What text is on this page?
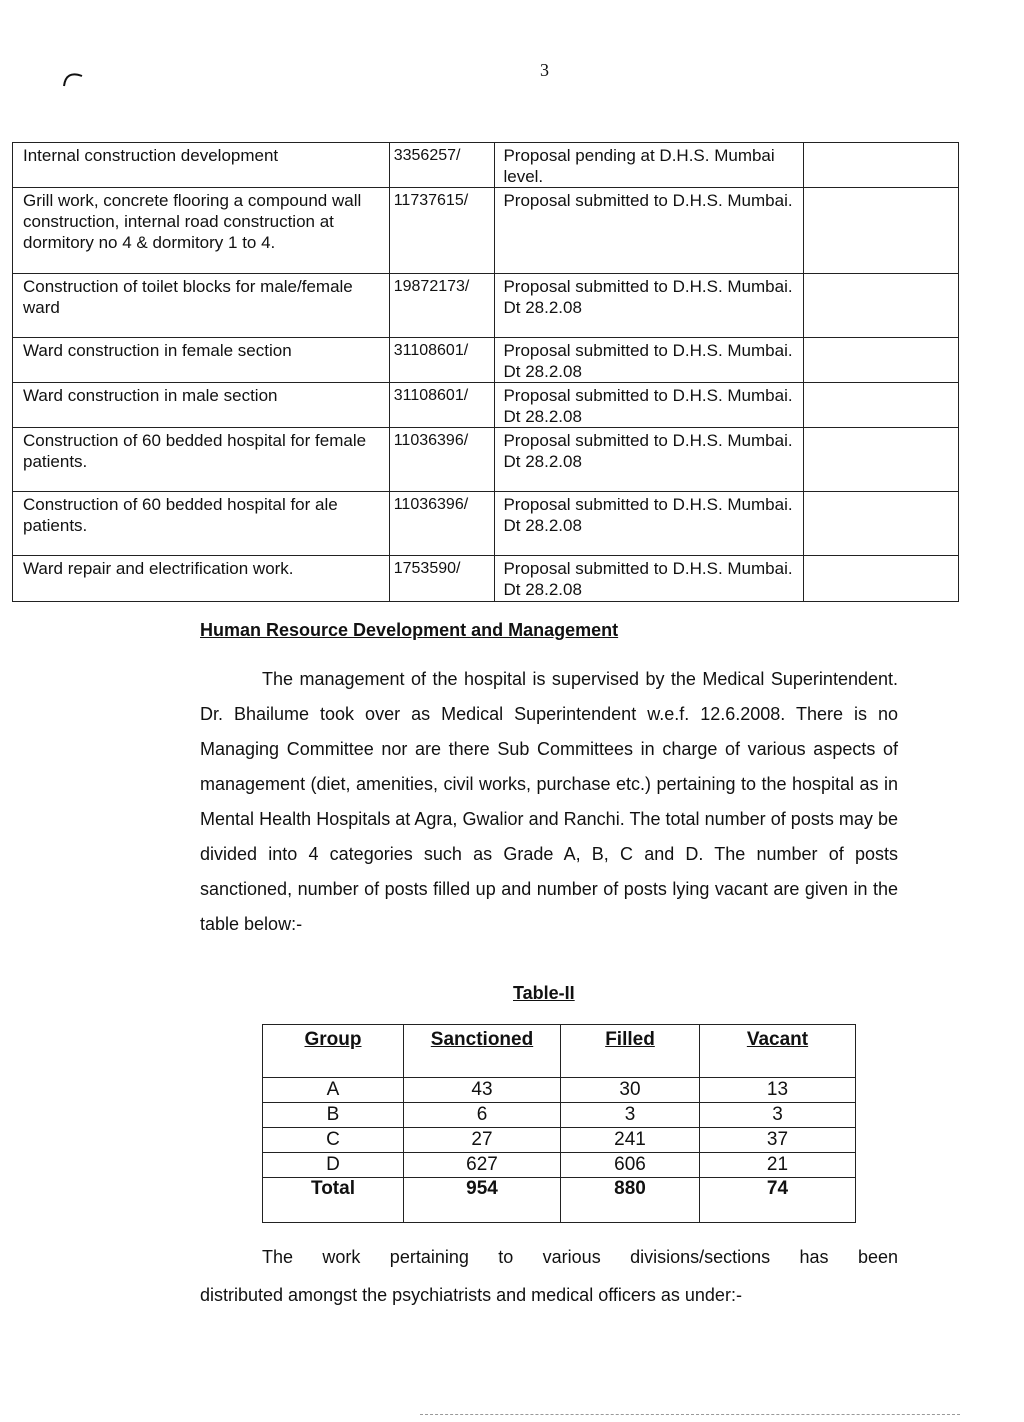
3
Internal construction development	3356257/	Proposal pending at D.H.S. Mumbai level.	
Grill work, concrete flooring a compound wall construction, internal road construction at dormitory no 4 & dormitory 1 to 4.	11737615/	Proposal submitted to D.H.S. Mumbai.	
Construction of toilet blocks for male/female ward	19872173/	Proposal submitted to D.H.S. Mumbai. Dt 28.2.08	
Ward construction in female section	31108601/	Proposal submitted to D.H.S. Mumbai. Dt 28.2.08	
Ward construction in male section	31108601/	Proposal submitted to D.H.S. Mumbai. Dt 28.2.08	
Construction of 60 bedded hospital for female patients.	11036396/	Proposal submitted to D.H.S. Mumbai. Dt 28.2.08	
Construction of 60 bedded hospital for ale patients.	11036396/	Proposal submitted to D.H.S. Mumbai. Dt 28.2.08	
Ward repair and electrification work.	1753590/	Proposal submitted to D.H.S. Mumbai. Dt 28.2.08	
Human Resource Development and Management

The management of the hospital is supervised by the Medical Superintendent. Dr. Bhailume took over as Medical Superintendent w.e.f. 12.6.2008. There is no Managing Committee nor are there Sub Committees in charge of various aspects of management (diet, amenities, civil works, purchase etc.) pertaining to the hospital as in Mental Health Hospitals at Agra, Gwalior and Ranchi. The total number of posts may be divided into 4 categories such as Grade A, B, C and D. The number of posts sanctioned, number of posts filled up and number of posts lying vacant are given in the table below:-

Table-II
Group	Sanctioned	Filled	Vacant
A	43	30	13
B	6	3	3
C	27	241	37
D	627	606	21
Total	954	880	74

The work pertaining to various divisions/sections has been
distributed amongst the psychiatrists and medical officers as under:-
